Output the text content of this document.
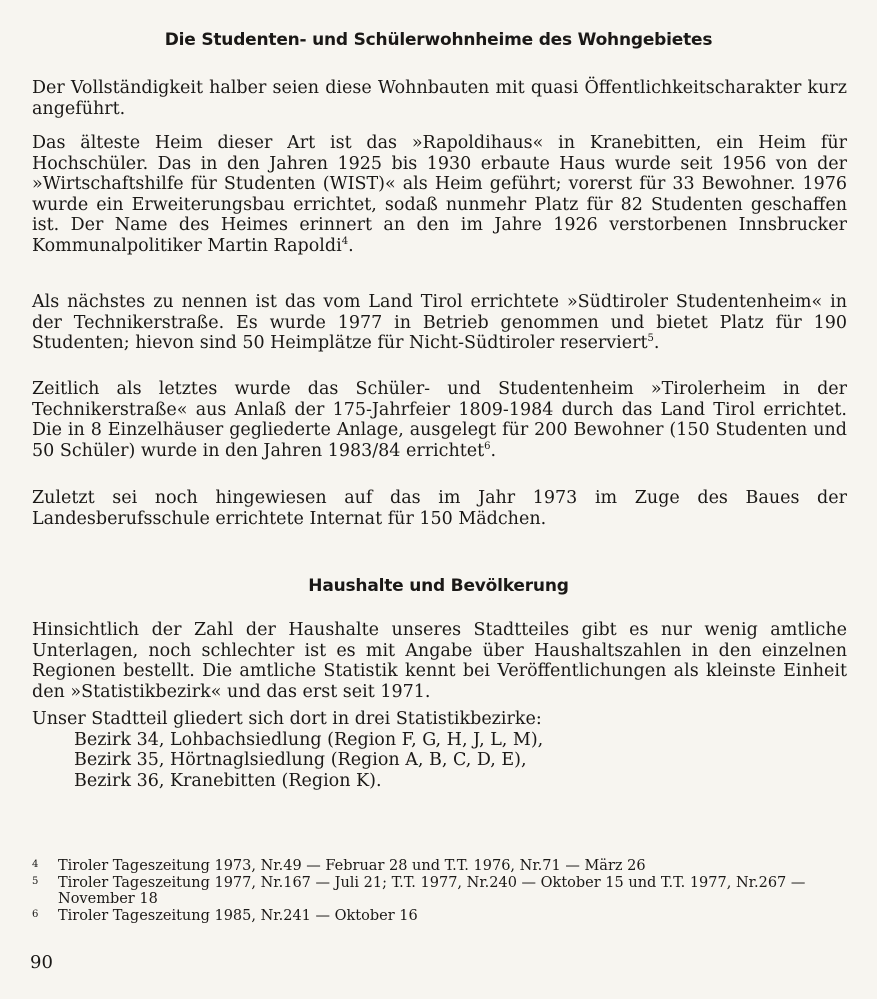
Die Studenten- und Schülerwohnheime des Wohngebietes
Der Vollständigkeit halber seien diese Wohnbauten mit quasi Öffentlichkeitscharakter kurz angeführt.
Das älteste Heim dieser Art ist das »Rapoldihaus« in Kranebitten, ein Heim für Hochschüler. Das in den Jahren 1925 bis 1930 erbaute Haus wurde seit 1956 von der »Wirtschaftshilfe für Studenten (WIST)« als Heim geführt; vorerst für 33 Bewohner. 1976 wurde ein Erweiterungsbau errichtet, sodaß nunmehr Platz für 82 Studenten geschaffen ist. Der Name des Heimes erinnert an den im Jahre 1926 verstorbenen Innsbrucker Kommunalpolitiker Martin Rapoldi$^4$.
Als nächstes zu nennen ist das vom Land Tirol errichtete »Südtiroler Studentenheim« in der Technikerstraße. Es wurde 1977 in Betrieb genommen und bietet Platz für 190 Studenten; hievon sind 50 Heimplätze für Nicht-Südtiroler reserviert$^5$.
Zeitlich als letztes wurde das Schüler- und Studentenheim »Tirolerheim in der Technikerstraße« aus Anlaß der 175-Jahrfeier 1809-1984 durch das Land Tirol errichtet. Die in 8 Einzelhäuser gegliederte Anlage, ausgelegt für 200 Bewohner (150 Studenten und 50 Schüler) wurde in den Jahren 1983/84 errichtet$^6$.
Zuletzt sei noch hingewiesen auf das im Jahr 1973 im Zuge des Baues der Landesberufsschule errichtete Internat für 150 Mädchen.
Haushalte und Bevölkerung
Hinsichtlich der Zahl der Haushalte unseres Stadtteiles gibt es nur wenig amtliche Unterlagen, noch schlechter ist es mit Angabe über Haushaltszahlen in den einzelnen Regionen bestellt. Die amtliche Statistik kennt bei Veröffentlichungen als kleinste Einheit den »Statistikbezirk« und das erst seit 1971.
Unser Stadtteil gliedert sich dort in drei Statistikbezirke:
Bezirk 34, Lohbachsiedlung (Region F, G, H, J, L, M),
Bezirk 35, Hörtnaglsiedlung (Region A, B, C, D, E),
Bezirk 36, Kranebitten (Region K).
4	Tiroler Tageszeitung 1973, Nr.49 — Februar 28 und T.T. 1976, Nr.71 — März 26
5	Tiroler Tageszeitung 1977, Nr.167 — Juli 21; T.T. 1977, Nr.240 — Oktober 15 und T.T. 1977, Nr.267 — November 18
6	Tiroler Tageszeitung 1985, Nr.241 — Oktober 16
90
